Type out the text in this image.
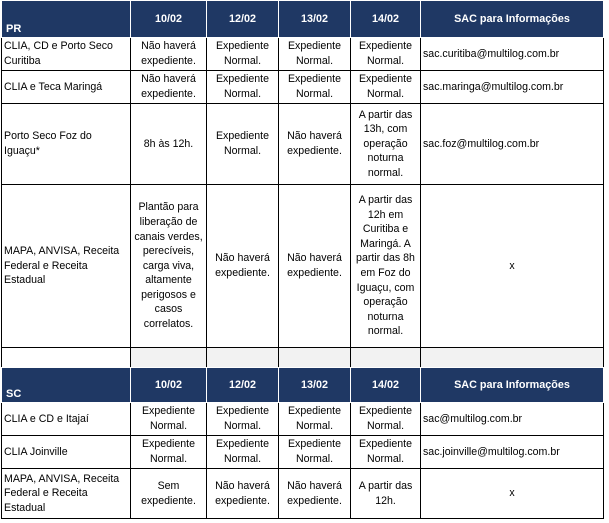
PR	10/02	12/02	13/02	14/02	SAC para Informações
CLIA, CD e Porto Seco Curitiba	Não haverá expediente.	Expediente Normal.	Expediente Normal.	Expediente Normal.	sac.curitiba@multilog.com.br
CLIA e Teca Maringá	Não haverá expediente.	Expediente Normal.	Expediente Normal.	Expediente Normal.	sac.maringa@multilog.com.br
Porto Seco Foz do Iguaçu*	8h às 12h.	Expediente Normal.	Não haverá expediente.	A partir das 13h, com operação noturna normal.	sac.foz@multilog.com.br
MAPA, ANVISA, Receita Federal e Receita Estadual	Plantão para liberação de canais verdes, perecíveis, carga viva, altamente perigosos e casos correlatos.	Não haverá expediente.	Não haverá expediente.	A partir das 12h em Curitiba e Maringá. A partir das 8h em Foz do Iguaçu, com operação noturna normal.	x

SC	10/02	12/02	13/02	14/02	SAC para Informações
CLIA e CD e Itajaí	Expediente Normal.	Expediente Normal.	Expediente Normal.	Expediente Normal.	sac@multilog.com.br
CLIA Joinville	Expediente Normal.	Expediente Normal.	Expediente Normal.	Expediente Normal.	sac.joinville@multilog.com.br
MAPA, ANVISA, Receita Federal e Receita Estadual	Sem expediente.	Não haverá expediente.	Não haverá expediente.	A partir das 12h.	x
